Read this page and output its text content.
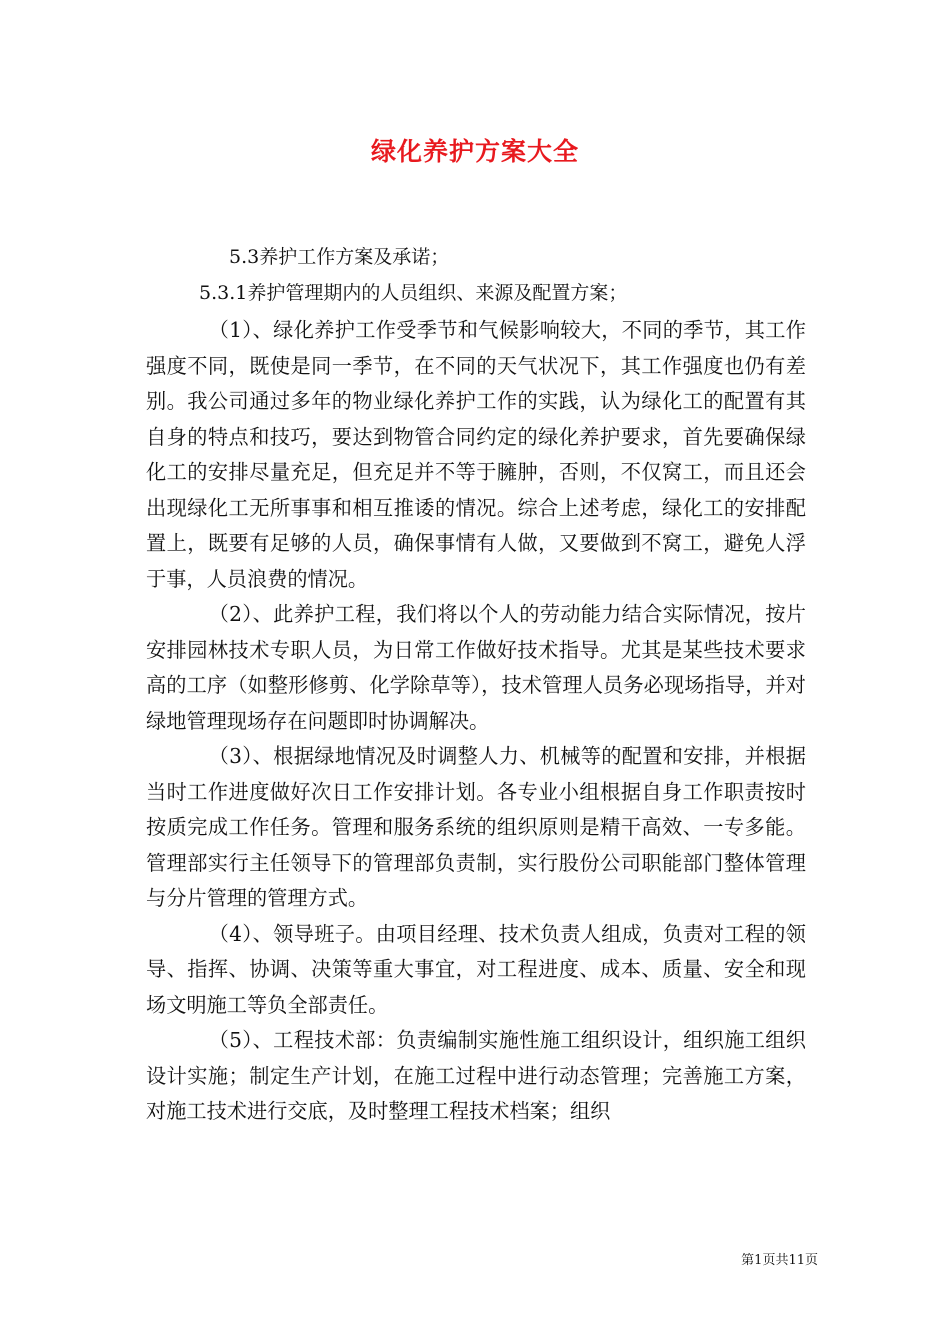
绿化养护方案大全
5.3养护工作方案及承诺；
5.3.1养护管理期内的人员组织、来源及配置方案；

（1）、绿化养护工作受季节和气候影响较大，不同的季节，其工作强度不同，既使是同一季节，在不同的天气状况下，其工作强度也仍有差别。我公司通过多年的物业绿化养护工作的实践，认为绿化工的配置有其自身的特点和技巧，要达到物管合同约定的绿化养护要求，首先要确保绿化工的安排尽量充足，但充足并不等于臃肿，否则，不仅窝工，而且还会出现绿化工无所事事和相互推诿的情况。综合上述考虑，绿化工的安排配置上，既要有足够的人员，确保事情有人做，又要做到不窝工，避免人浮于事，人员浪费的情况。

（2）、此养护工程，我们将以个人的劳动能力结合实际情况，按片安排园林技术专职人员，为日常工作做好技术指导。尤其是某些技术要求高的工序（如整形修剪、化学除草等），技术管理人员务必现场指导，并对绿地管理现场存在问题即时协调解决。

（3）、根据绿地情况及时调整人力、机械等的配置和安排，并根据当时工作进度做好次日工作安排计划。各专业小组根据自身工作职责按时按质完成工作任务。管理和服务系统的组织原则是精干高效、一专多能。管理部实行主任领导下的管理部负责制，实行股份公司职能部门整体管理与分片管理的管理方式。

（4）、领导班子。由项目经理、技术负责人组成，负责对工程的领导、指挥、协调、决策等重大事宜，对工程进度、成本、质量、安全和现场文明施工等负全部责任。

（5）、工程技术部：负责编制实施性施工组织设计，组织施工组织设计实施；制定生产计划，在施工过程中进行动态管理；完善施工方案，对施工技术进行交底，及时整理工程技术档案；组织

第1页共11页
